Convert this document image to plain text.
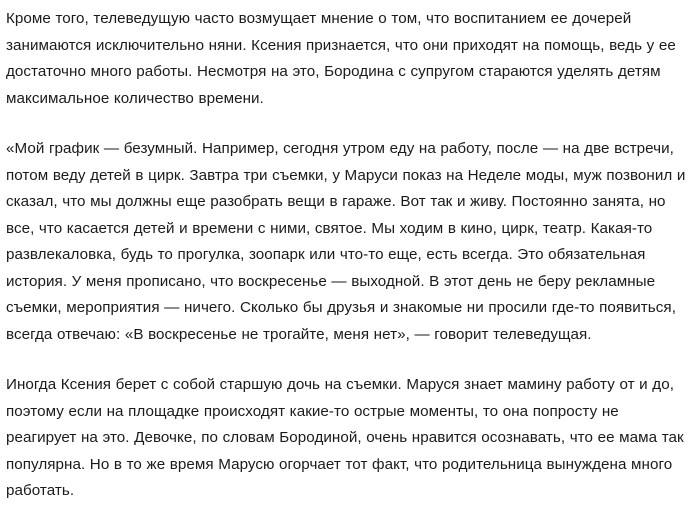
Кроме того, телеведущую часто возмущает мнение о том, что воспитанием ее дочерей занимаются исключительно няни. Ксения признается, что они приходят на помощь, ведь у ее достаточно много работы. Несмотря на это, Бородина с супругом стараются уделять детям максимальное количество времени.

«Мой график — безумный. Например, сегодня утром еду на работу, после — на две встречи, потом веду детей в цирк. Завтра три съемки, у Маруси показ на Неделе моды, муж позвонил и сказал, что мы должны еще разобрать вещи в гараже. Вот так и живу. Постоянно занята, но все, что касается детей и времени с ними, святое. Мы ходим в кино, цирк, театр. Какая-то развлекаловка, будь то прогулка, зоопарк или что-то еще, есть всегда. Это обязательная история. У меня прописано, что воскресенье — выходной. В этот день не беру рекламные съемки, мероприятия — ничего. Сколько бы друзья и знакомые ни просили где-то появиться, всегда отвечаю: «В воскресенье не трогайте, меня нет», — говорит телеведущая.

Иногда Ксения берет с собой старшую дочь на съемки. Маруся знает мамину работу от и до, поэтому если на площадке происходят какие-то острые моменты, то она попросту не реагирует на это. Девочке, по словам Бородиной, очень нравится осознавать, что ее мама так популярна. Но в то же время Марусю огорчает тот факт, что родительница вынуждена много работать.
